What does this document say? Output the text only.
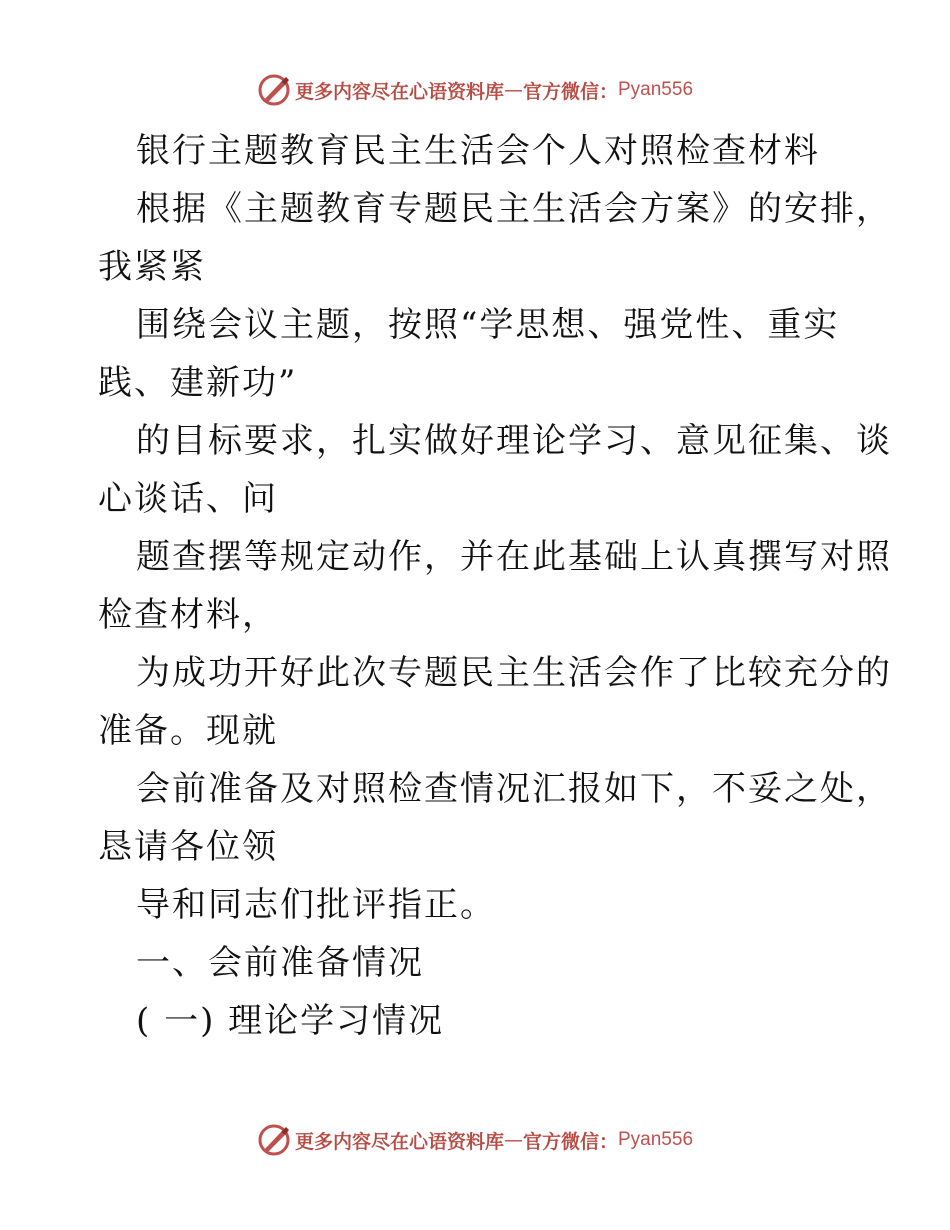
更多内容尽在心语资料库 — 官方微信： Pyan556
银行主题教育民主生活会个人对照检查材料
根据《主题教育专题民主生活会方案》的安排，
我紧紧
围绕会议主题，按照“学思想、强党性、重实
践、建新功”
的目标要求，扎实做好理论学习、意见征集、谈
心谈话、问
题查摆等规定动作，并在此基础上认真撰写对照
检查材料，
为成功开好此次专题民主生活会作了比较充分的
准备。现就
会前准备及对照检查情况汇报如下，不妥之处，
恳请各位领
导和同志们批评指正。
一、会前准备情况
( 一) 理论学习情况
更多内容尽在心语资料库 — 官方微信： Pyan556
